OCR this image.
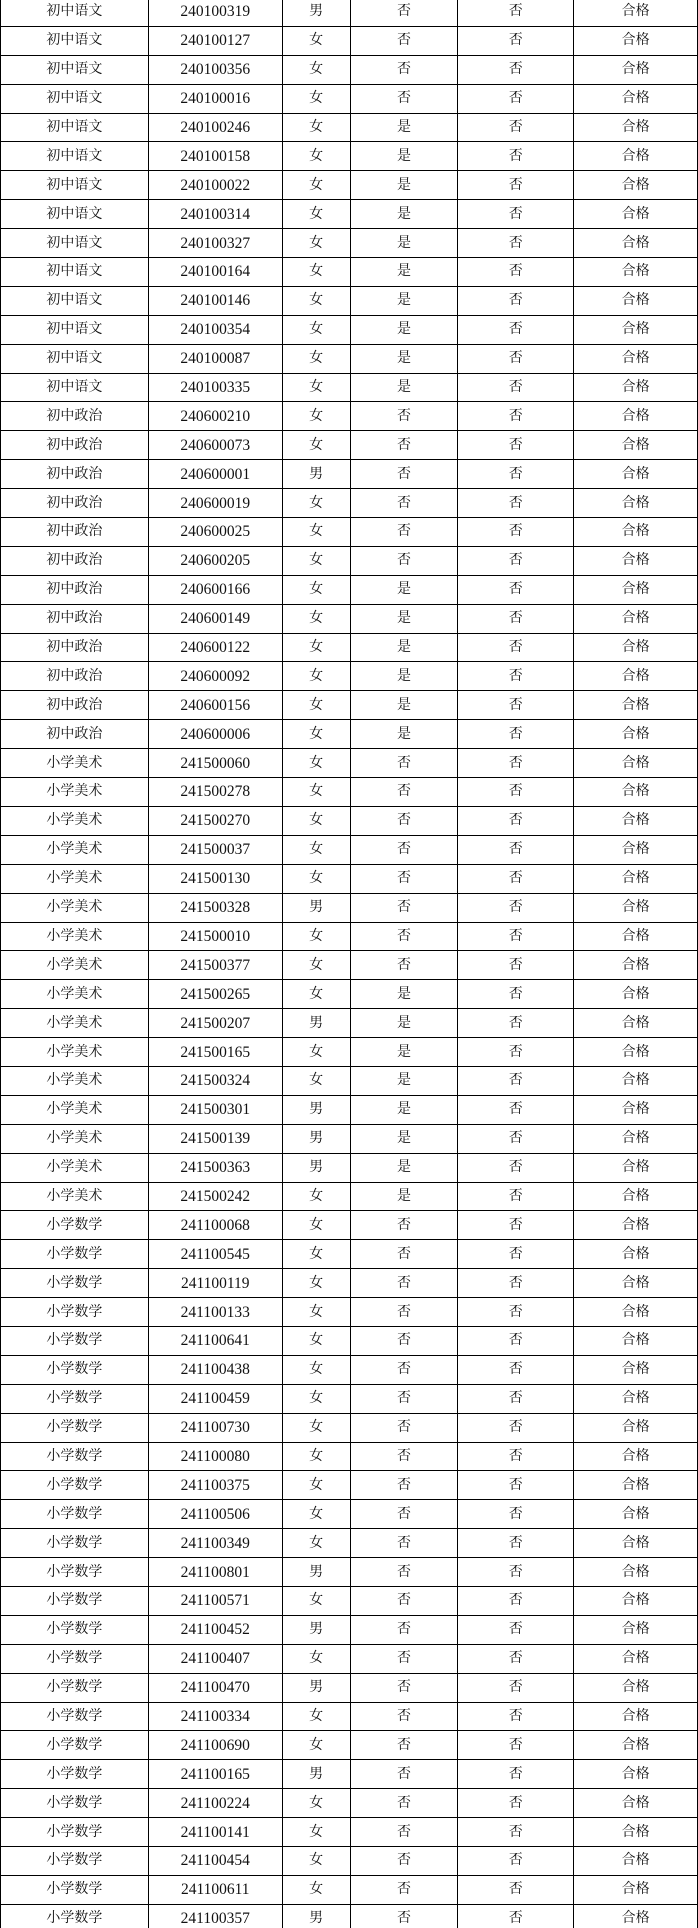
初中语文	240100319	男	否	否	合格
初中语文	240100127	女	否	否	合格
初中语文	240100356	女	否	否	合格
初中语文	240100016	女	否	否	合格
初中语文	240100246	女	是	否	合格
初中语文	240100158	女	是	否	合格
初中语文	240100022	女	是	否	合格
初中语文	240100314	女	是	否	合格
初中语文	240100327	女	是	否	合格
初中语文	240100164	女	是	否	合格
初中语文	240100146	女	是	否	合格
初中语文	240100354	女	是	否	合格
初中语文	240100087	女	是	否	合格
初中语文	240100335	女	是	否	合格
初中政治	240600210	女	否	否	合格
初中政治	240600073	女	否	否	合格
初中政治	240600001	男	否	否	合格
初中政治	240600019	女	否	否	合格
初中政治	240600025	女	否	否	合格
初中政治	240600205	女	否	否	合格
初中政治	240600166	女	是	否	合格
初中政治	240600149	女	是	否	合格
初中政治	240600122	女	是	否	合格
初中政治	240600092	女	是	否	合格
初中政治	240600156	女	是	否	合格
初中政治	240600006	女	是	否	合格
小学美术	241500060	女	否	否	合格
小学美术	241500278	女	否	否	合格
小学美术	241500270	女	否	否	合格
小学美术	241500037	女	否	否	合格
小学美术	241500130	女	否	否	合格
小学美术	241500328	男	否	否	合格
小学美术	241500010	女	否	否	合格
小学美术	241500377	女	否	否	合格
小学美术	241500265	女	是	否	合格
小学美术	241500207	男	是	否	合格
小学美术	241500165	女	是	否	合格
小学美术	241500324	女	是	否	合格
小学美术	241500301	男	是	否	合格
小学美术	241500139	男	是	否	合格
小学美术	241500363	男	是	否	合格
小学美术	241500242	女	是	否	合格
小学数学	241100068	女	否	否	合格
小学数学	241100545	女	否	否	合格
小学数学	241100119	女	否	否	合格
小学数学	241100133	女	否	否	合格
小学数学	241100641	女	否	否	合格
小学数学	241100438	女	否	否	合格
小学数学	241100459	女	否	否	合格
小学数学	241100730	女	否	否	合格
小学数学	241100080	女	否	否	合格
小学数学	241100375	女	否	否	合格
小学数学	241100506	女	否	否	合格
小学数学	241100349	女	否	否	合格
小学数学	241100801	男	否	否	合格
小学数学	241100571	女	否	否	合格
小学数学	241100452	男	否	否	合格
小学数学	241100407	女	否	否	合格
小学数学	241100470	男	否	否	合格
小学数学	241100334	女	否	否	合格
小学数学	241100690	女	否	否	合格
小学数学	241100165	男	否	否	合格
小学数学	241100224	女	否	否	合格
小学数学	241100141	女	否	否	合格
小学数学	241100454	女	否	否	合格
小学数学	241100611	女	否	否	合格
小学数学	241100357	男	否	否	合格
